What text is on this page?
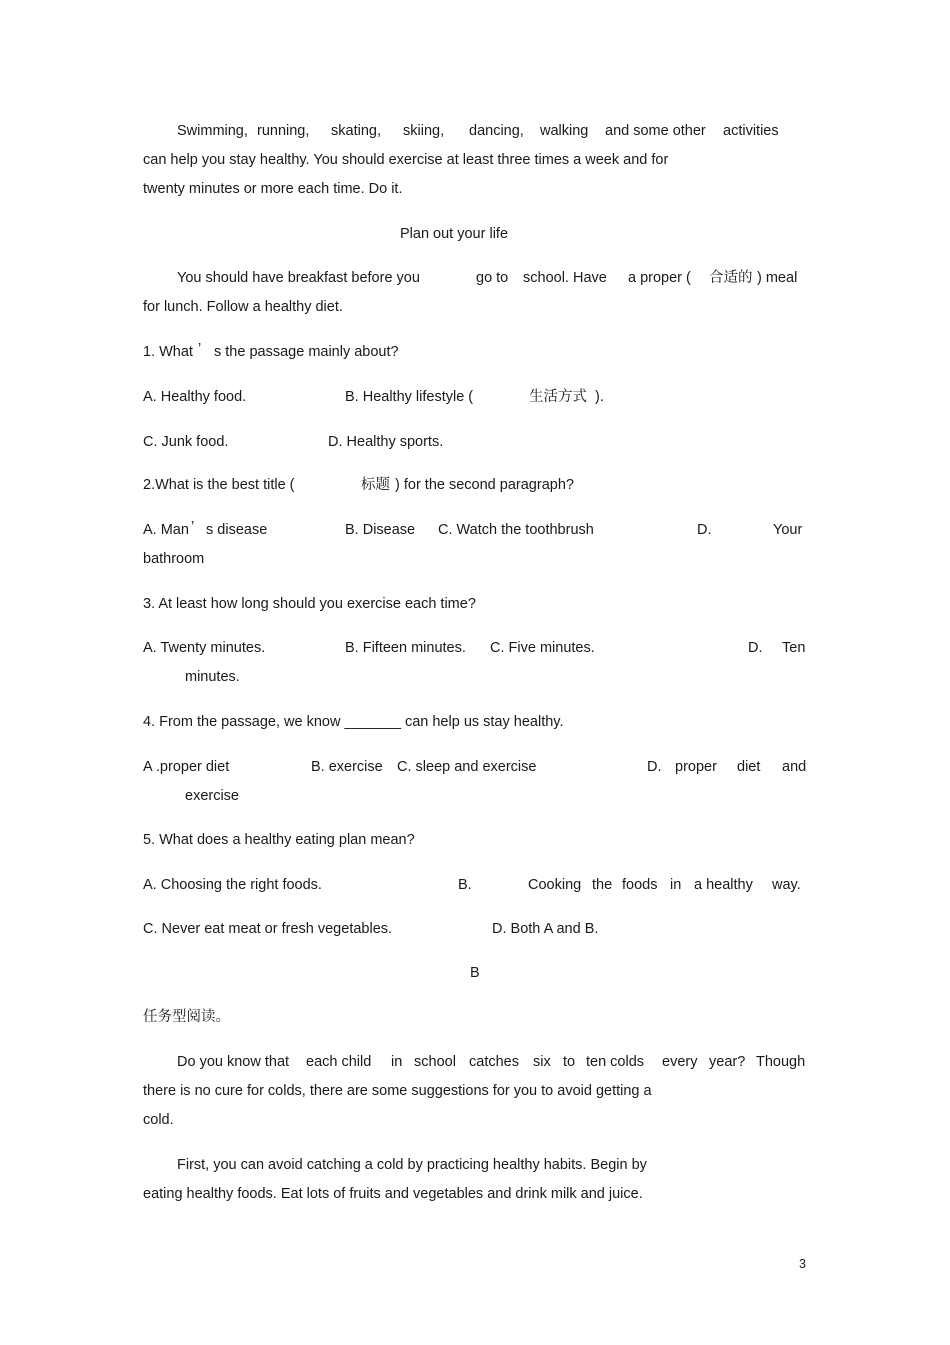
Swimming, running, skating, skiing, dancing, walking and some other activities
can help you stay healthy. You should exercise at least three times a week and for
twenty minutes or more each time. Do it.
Plan out your life
You should have breakfast before you	go to school. Have a proper ( 合适的 ) meal
for lunch. Follow a healthy diet.
1. What ’ s the passage mainly about?
A. Healthy food.	B. Healthy lifestyle (	生活方式 ).
C. Junk food.	D. Healthy sports.
2.What is the best title (	标题 ) for the second paragraph?
A. Man ’ s disease	B. Disease C. Watch the toothbrush	D.	Your
bathroom
3. At least how long should you exercise each time?
A. Twenty minutes.	B. Fifteen minutes. C. Five minutes.	D. Ten
minutes.
4. From the passage, we know _______ can help us stay healthy.
A .proper diet	B. exercise C. sleep and exercise	D. proper diet and
exercise
5. What does a healthy eating plan mean?
A. Choosing the right foods.	B.	Cooking the foods in a healthy way.
C. Never eat meat or fresh vegetables.	D. Both A and B.
B
任务型阅读。
Do you know that each child in school catches six to ten colds every year? Though
there is no cure for colds, there are some suggestions for you to avoid getting a
cold.
First, you can avoid catching a cold by practicing healthy habits. Begin by
eating healthy foods. Eat lots of fruits and vegetables and drink milk and juice.
3
